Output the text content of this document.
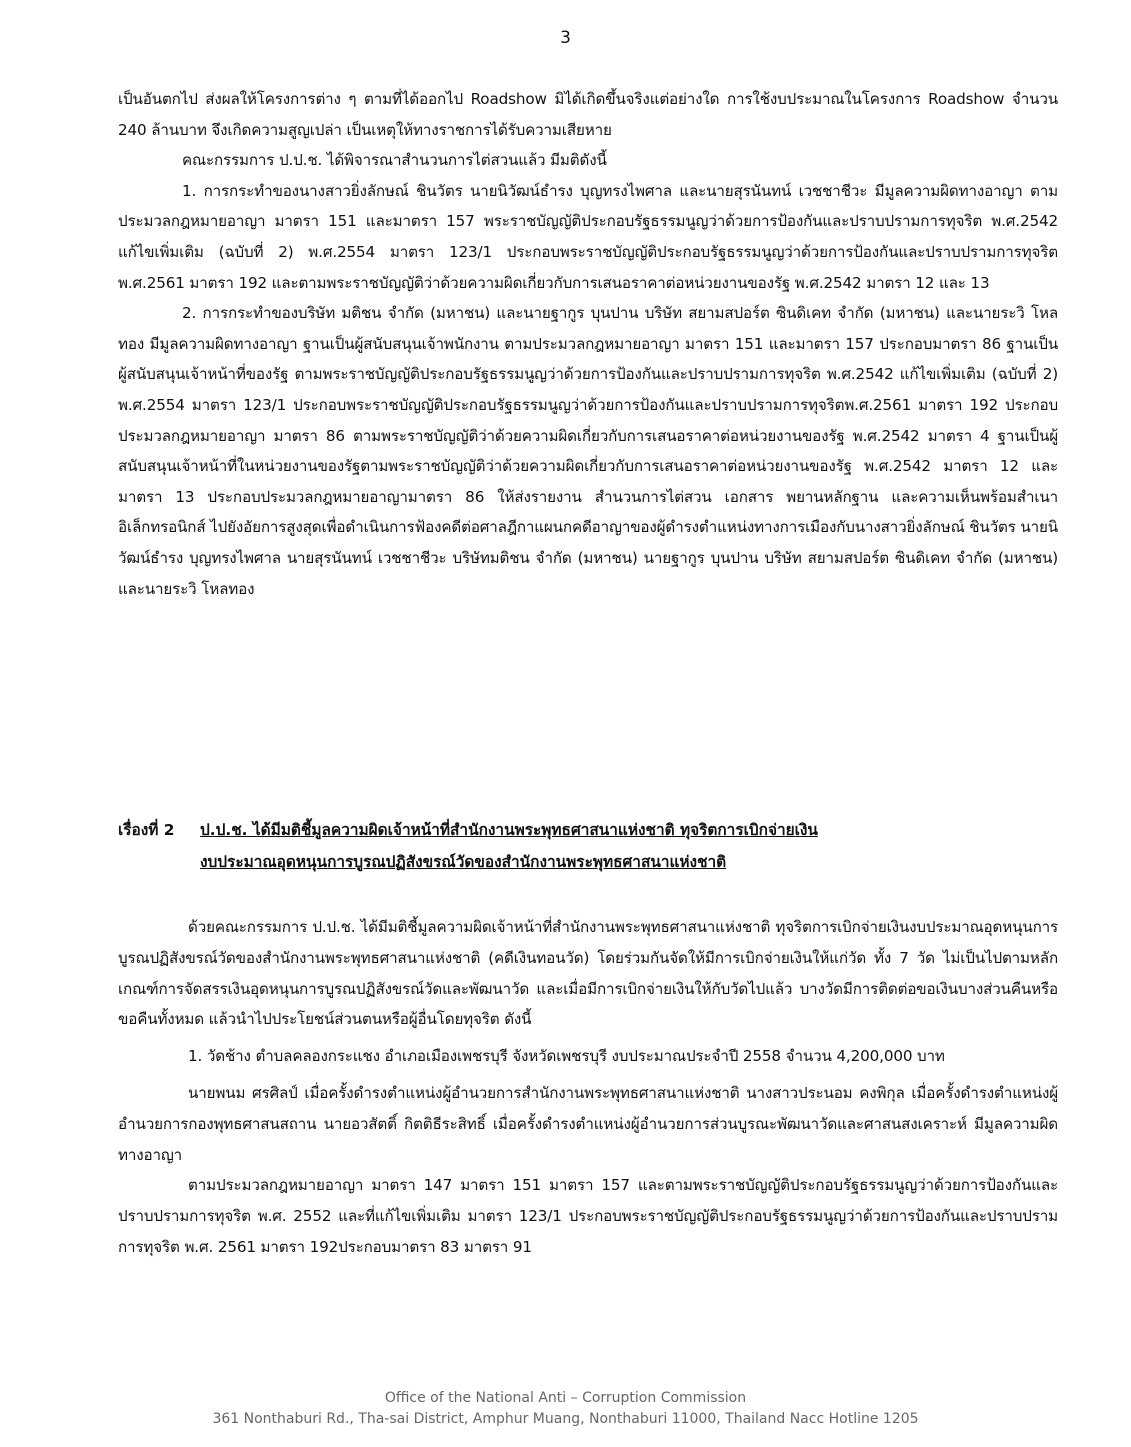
3

เป็นอันตกไป ส่งผลให้โครงการต่าง ๆ ตามที่ได้ออกไป Roadshow มิได้เกิดขึ้นจริงแต่อย่างใด การใช้งบประมาณในโครงการ Roadshow จำนวน 240 ล้านบาท จึงเกิดความสูญเปล่า เป็นเหตุให้ทางราชการได้รับความเสียหาย

คณะกรรมการ ป.ป.ช. ได้พิจารณาสำนวนการไต่สวนแล้ว มีมติดังนี้

1. การกระทำของนางสาวยิ่งลักษณ์ ชินวัตร นายนิวัฒน์ธำรง บุญทรงไพศาล และนายสุรนันทน์ เวชชาชีวะ มีมูลความผิดทางอาญา ตามประมวลกฎหมายอาญา มาตรา 151 และมาตรา 157 พระราชบัญญัติประกอบรัฐธรรมนูญว่าด้วยการป้องกันและปราบปรามการทุจริต พ.ศ.2542 แก้ไขเพิ่มเติม (ฉบับที่ 2) พ.ศ.2554 มาตรา 123/1 ประกอบพระราชบัญญัติประกอบรัฐธรรมนูญว่าด้วยการป้องกันและปราบปรามการทุจริต พ.ศ.2561 มาตรา 192 และตามพระราชบัญญัติว่าด้วยความผิดเกี่ยวกับการเสนอราคาต่อหน่วยงานของรัฐ พ.ศ.2542 มาตรา 12 และ 13

2. การกระทำของบริษัท มติชน จำกัด (มหาชน) และนายฐากูร บุนปาน บริษัท สยามสปอร์ต ซินดิเคท จำกัด (มหาชน) และนายระวิ โหลทอง มีมูลความผิดทางอาญา ฐานเป็นผู้สนับสนุนเจ้าพนักงาน ตามประมวลกฎหมายอาญา มาตรา 151 และมาตรา 157 ประกอบมาตรา 86 ฐานเป็นผู้สนับสนุนเจ้าหน้าที่ของรัฐ ตามพระราชบัญญัติประกอบรัฐธรรมนูญว่าด้วยการป้องกันและปราบปรามการทุจริต พ.ศ.2542 แก้ไขเพิ่มเติม (ฉบับที่ 2) พ.ศ.2554 มาตรา 123/1 ประกอบพระราชบัญญัติประกอบรัฐธรรมนูญว่าด้วยการป้องกันและปราบปรามการทุจริตพ.ศ.2561 มาตรา 192 ประกอบประมวลกฎหมายอาญา มาตรา 86 ตามพระราชบัญญัติว่าด้วยความผิดเกี่ยวกับการเสนอราคาต่อหน่วยงานของรัฐ พ.ศ.2542 มาตรา 4 ฐานเป็นผู้สนับสนุนเจ้าหน้าที่ในหน่วยงานของรัฐตามพระราชบัญญัติว่าด้วยความผิดเกี่ยวกับการเสนอราคาต่อหน่วยงานของรัฐ พ.ศ.2542 มาตรา 12 และมาตรา 13 ประกอบประมวลกฎหมายอาญามาตรา 86 ให้ส่งรายงาน สำนวนการไต่สวน เอกสาร พยานหลักฐาน และความเห็นพร้อมสำเนาอิเล็กทรอนิกส์ ไปยังอัยการสูงสุดเพื่อดำเนินการฟ้องคดีต่อศาลฎีกาแผนกคดีอาญาของผู้ดำรงตำแหน่งทางการเมืองกับนางสาวยิ่งลักษณ์ ชินวัตร นายนิวัฒน์ธำรง บุญทรงไพศาล นายสุรนันทน์ เวชชาชีวะ บริษัทมติชน จำกัด (มหาชน) นายฐากูร บุนปาน บริษัท สยามสปอร์ต ซินดิเคท จำกัด (มหาชน) และนายระวิ โหลทอง

เรื่องที่ 2 ป.ป.ช. ได้มีมติชี้มูลความผิดเจ้าหน้าที่สำนักงานพระพุทธศาสนาแห่งชาติ ทุจริตการเบิกจ่ายเงิน
งบประมาณอุดหนุนการบูรณปฏิสังขรณ์วัดของสำนักงานพระพุทธศาสนาแห่งชาติ

ด้วยคณะกรรมการ ป.ป.ช. ได้มีมติชี้มูลความผิดเจ้าหน้าที่สำนักงานพระพุทธศาสนาแห่งชาติ ทุจริตการเบิกจ่ายเงินงบประมาณอุดหนุนการบูรณปฏิสังขรณ์วัดของสำนักงานพระพุทธศาสนาแห่งชาติ (คดีเงินทอนวัด) โดยร่วมกันจัดให้มีการเบิกจ่ายเงินให้แก่วัด ทั้ง 7 วัด ไม่เป็นไปตามหลักเกณฑ์การจัดสรรเงินอุดหนุนการบูรณปฏิสังขรณ์วัดและพัฒนาวัด และเมื่อมีการเบิกจ่ายเงินให้กับวัดไปแล้ว บางวัดมีการติดต่อขอเงินบางส่วนคืนหรือขอคืนทั้งหมด แล้วนำไปประโยชน์ส่วนตนหรือผู้อื่นโดยทุจริต ดังนี้

1. วัดช้าง ตำบลคลองกระแชง อำเภอเมืองเพชรบุรี จังหวัดเพชรบุรี งบประมาณประจำปี 2558 จำนวน 4,200,000 บาท

นายพนม ศรศิลป์ เมื่อครั้งดำรงตำแหน่งผู้อำนวยการสำนักงานพระพุทธศาสนาแห่งชาติ นางสาวประนอม คงพิกุล เมื่อครั้งดำรงตำแหน่งผู้อำนวยการกองพุทธศาสนสถาน นายอวสัตติ์ กิตติธีระสิทธิ์ เมื่อครั้งดำรงตำแหน่งผู้อำนวยการส่วนบูรณะพัฒนาวัดและศาสนสงเคราะห์ มีมูลความผิดทางอาญา

ตามประมวลกฎหมายอาญา มาตรา 147 มาตรา 151 มาตรา 157 และตามพระราชบัญญัติประกอบรัฐธรรมนูญว่าด้วยการป้องกันและปราบปรามการทุจริต พ.ศ. 2552 และที่แก้ไขเพิ่มเติม มาตรา 123/1 ประกอบพระราชบัญญัติประกอบรัฐธรรมนูญว่าด้วยการป้องกันและปราบปรามการทุจริต พ.ศ. 2561 มาตรา 192ประกอบมาตรา 83 มาตรา 91

Office of the National Anti – Corruption Commission
361 Nonthaburi Rd., Tha-sai District, Amphur Muang, Nonthaburi 11000, Thailand Nacc Hotline 1205
